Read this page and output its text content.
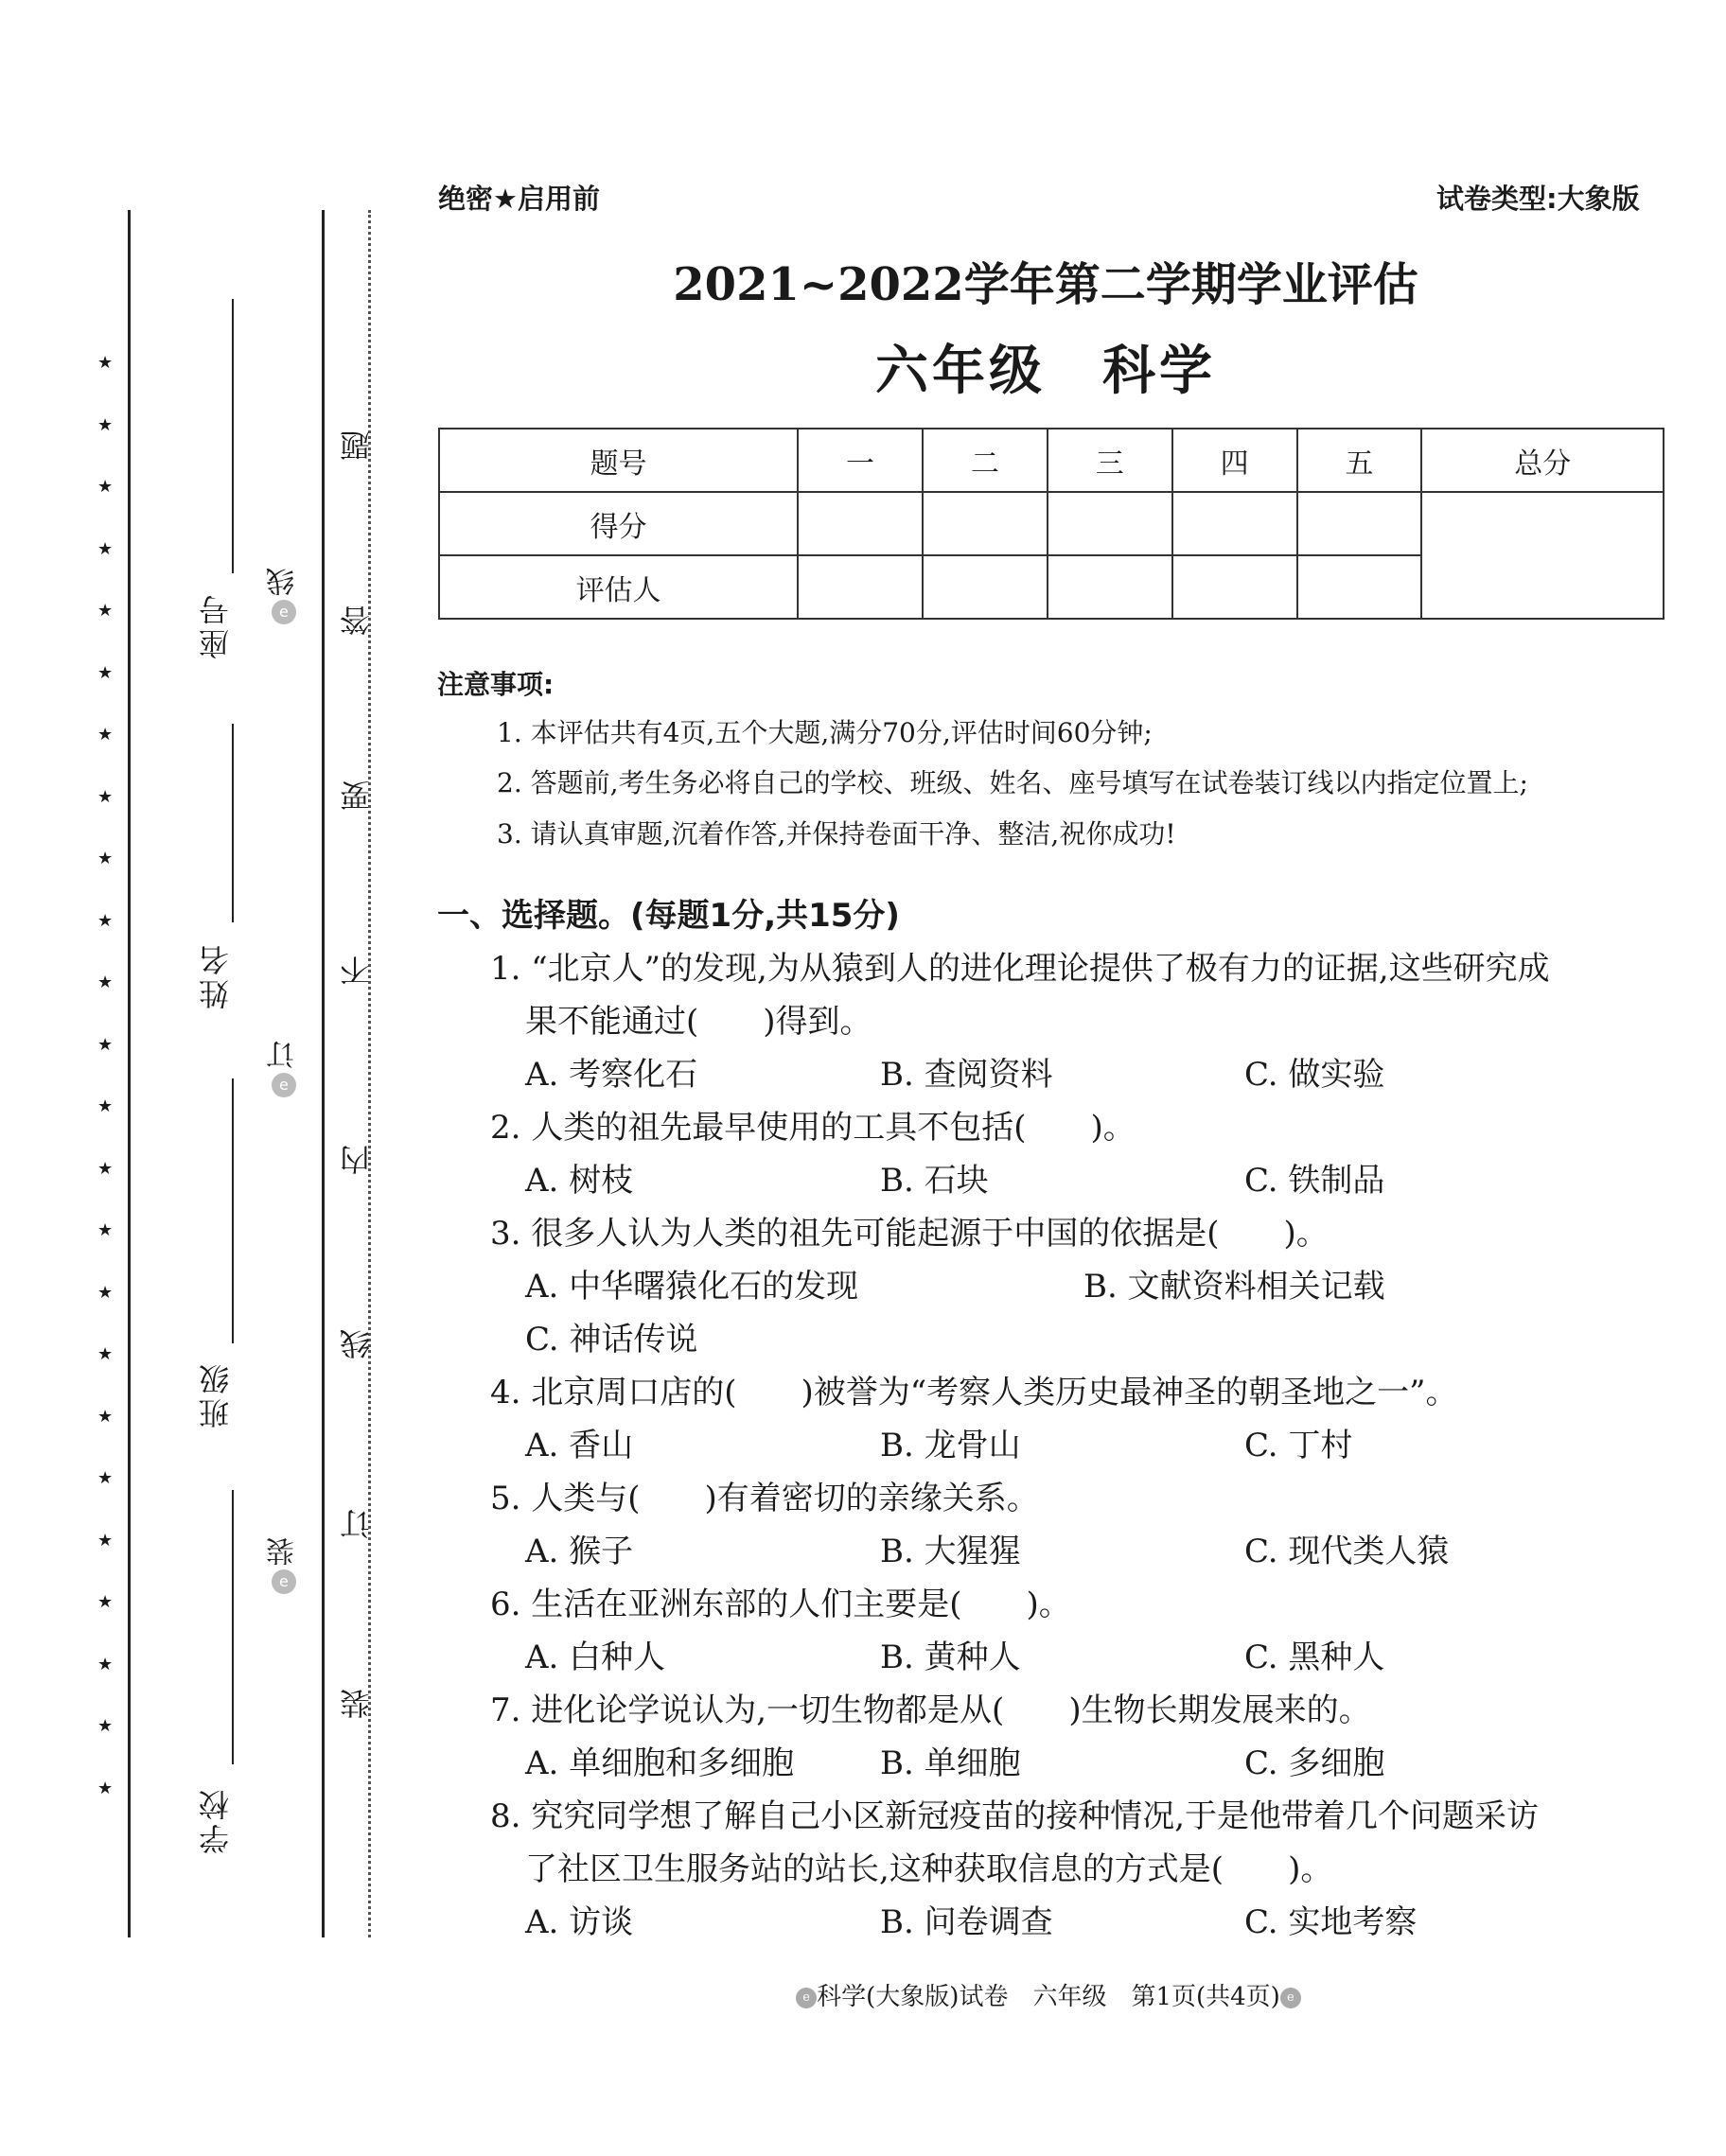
★
★
★
★
★
★
★
★
★
★
★
★
★
★
★
★
★
★
★
★
★
★
★
★
座号
姓名
班级
学校
e线
e订
e装
题
答
要
不
内
线
订
装
绝密★启用前	试卷类型:大象版
2021~2022学年第二学期学业评估
六年级　科学
题号	一	二	三	四	五	总分
得分						
评估人						
注意事项:
1. 本评估共有4页,五个大题,满分70分,评估时间60分钟;
2. 答题前,考生务必将自己的学校、班级、姓名、座号填写在试卷装订线以内指定位置上;
3. 请认真审题,沉着作答,并保持卷面干净、整洁,祝你成功!
一、选择题。(每题1分,共15分)
1. “北京人”的发现,为从猿到人的进化理论提供了极有力的证据,这些研究成
果不能通过(　　)得到。
A. 考察化石	B. 查阅资料	C. 做实验
2. 人类的祖先最早使用的工具不包括(　　)。
A. 树枝	B. 石块	C. 铁制品
3. 很多人认为人类的祖先可能起源于中国的依据是(　　)。
A. 中华曙猿化石的发现	B. 文献资料相关记载
C. 神话传说
4. 北京周口店的(　　)被誉为“考察人类历史最神圣的朝圣地之一”。
A. 香山	B. 龙骨山	C. 丁村
5. 人类与(　　)有着密切的亲缘关系。
A. 猴子	B. 大猩猩	C. 现代类人猿
6. 生活在亚洲东部的人们主要是(　　)。
A. 白种人	B. 黄种人	C. 黑种人
7. 进化论学说认为,一切生物都是从(　　)生物长期发展来的。
A. 单细胞和多细胞	B. 单细胞	C. 多细胞
8. 究究同学想了解自己小区新冠疫苗的接种情况,于是他带着几个问题采访
了社区卫生服务站的站长,这种获取信息的方式是(　　)。
A. 访谈	B. 问卷调查	C. 实地考察
e 科学(大象版)试卷　六年级　第1页(共4页) e
